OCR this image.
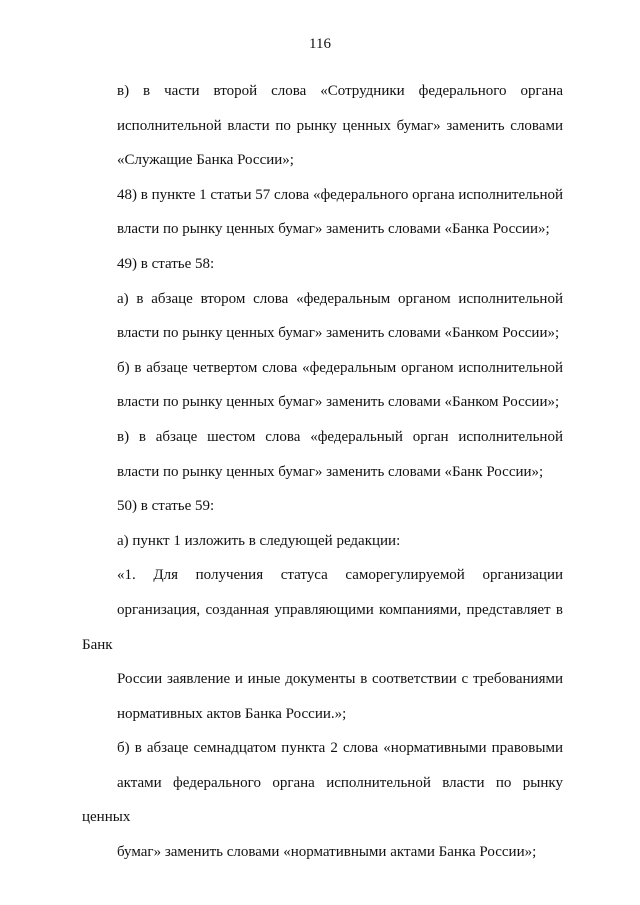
116
в) в части второй слова «Сотрудники федерального органа
исполнительной власти по рынку ценных бумаг» заменить словами
«Служащие Банка России»;
48) в пункте 1 статьи 57 слова «федерального органа исполнительной
власти по рынку ценных бумаг» заменить словами «Банка России»;
49) в статье 58:
а) в абзаце втором слова «федеральным органом исполнительной
власти по рынку ценных бумаг» заменить словами «Банком России»;
б) в абзаце четвертом слова «федеральным органом исполнительной
власти по рынку ценных бумаг» заменить словами «Банком России»;
в) в абзаце шестом слова «федеральный орган исполнительной
власти по рынку ценных бумаг» заменить словами «Банк России»;
50) в статье 59:
а) пункт 1 изложить в следующей редакции:
«1. Для получения статуса саморегулируемой организации
организация, созданная управляющими компаниями, представляет в Банк
России заявление и иные документы в соответствии с требованиями
нормативных актов Банка России.»;
б) в абзаце семнадцатом пункта 2 слова «нормативными правовыми
актами федерального органа исполнительной власти по рынку ценных
бумаг» заменить словами «нормативными актами Банка России»;
